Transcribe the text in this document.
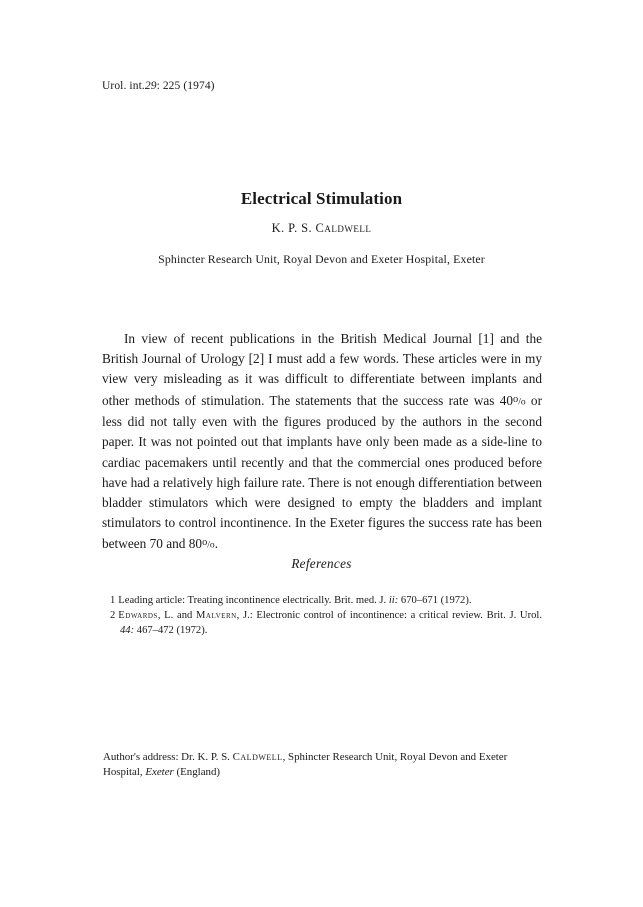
Urol. int.29: 225 (1974)
Electrical Stimulation
K. P. S. Caldwell
Sphincter Research Unit, Royal Devon and Exeter Hospital, Exeter

In view of recent publications in the British Medical Journal [1] and the British Journal of Urology [2] I must add a few words. These articles were in my view very misleading as it was difficult to differentiate between implants and other methods of stimulation. The statements that the success rate was 40$^o$/o or less did not tally even with the figures produced by the authors in the second paper. It was not pointed out that implants have only been made as a side-line to cardiac pacemakers until recently and that the commercial ones produced before have had a relatively high failure rate. There is not enough differentiation between bladder stimulators which were designed to empty the bladders and implant stimulators to control incontinence. In the Exeter figures the success rate has been between 70 and 80$^o$/o.

References
1 Leading article: Treating incontinence electrically. Brit. med. J. ii: 670–671 (1972).
2 Edwards, L. and Malvern, J.: Electronic control of incontinence: a critical review. Brit. J. Urol. 44: 467–472 (1972).
Author's address: Dr. K. P. S. Caldwell, Sphincter Research Unit, Royal Devon and Exeter Hospital, Exeter (England)
